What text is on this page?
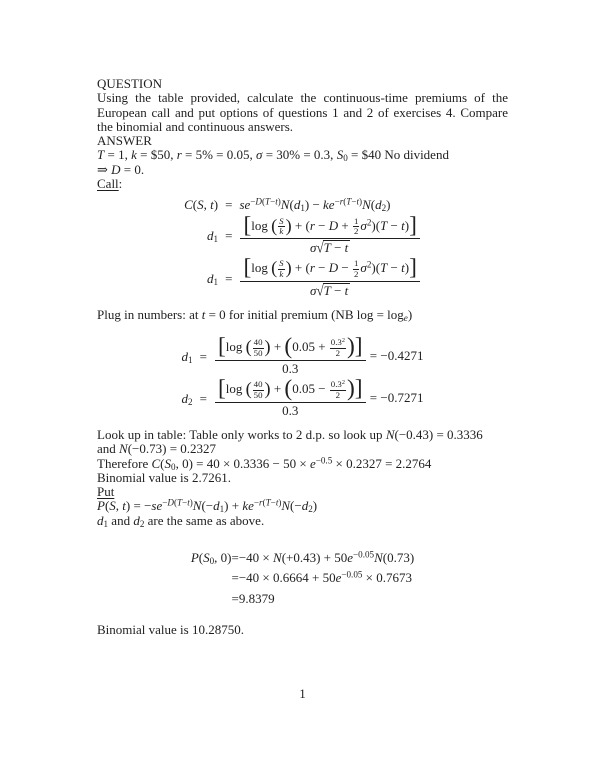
QUESTION
Using the table provided, calculate the continuous-time premiums of the European call and put options of questions 1 and 2 of exercises 4. Compare the binomial and continuous answers.
ANSWER
T = 1, k = $50, r = 5% = 0.05, σ = 30% = 0.3, $S_0$ = $40 No dividend
⇒ D = 0.
Call:
C(S, t)	=	$se^{-D(T-t)}N(d_1) - ke^{-r(T-t)}N(d_2)$
$d_1$	=	$\frac{[\log ( \frac{S}{k} ) + (r - D + \frac{1}{2} \sigma^2)(T - t)]}{\sigma√T - t}$

$d_1$	=	$\frac{[\log ( \frac{S}{k} ) + (r - D - \frac{1}{2} \sigma^2)(T - t)]}{\sigma√T - t}$
Plug in numbers: at t = 0 for initial premium (NB $\log = \log_e$)
$d_1$	=	$\frac{[\log ( \frac{40}{50} ) + (0.05 + \frac{0.3^2}{2} )]}{0.3} = -0.4271$
$d_2$	=	$\frac{[\log ( \frac{40}{50} ) + (0.05 - \frac{0.3^2}{2} )]}{0.3} = -0.7271$
Look up in table: Table only works to 2 d.p. so look up N(−0.43) = 0.3336
and N(−0.73) = 0.2327
Therefore $C(S_0$, $0) = 40 \times 0.3336 - 50 \times e^{-0.5} \times 0.2327 = 2.2764$
Binomial value is 2.7261.
Put
P(S, $t) = -se^{-D(T-t)}N(-d_1) + ke^{-r(T-t)}N(-d_2)$
$d_1$ and $d_2$ are the same as above.
$P(S_0$, 0)	=	$-40 \times N(+0.43) + 50e^{-0.05}N(0.73)$
	=	$-40 \times 0.6664 + 50e^{-0.05} \times 0.7673$
	=	9.8379
Binomial value is 10.28750.
1
